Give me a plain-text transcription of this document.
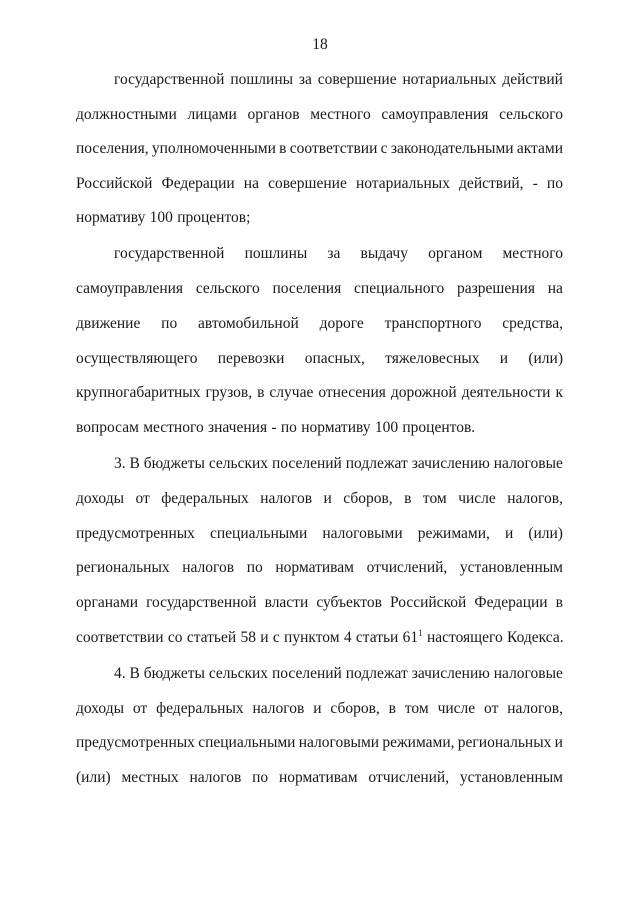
18
государственной пошлины за совершение нотариальных действий
должностными лицами органов местного самоуправления сельского
поселения, уполномоченными в соответствии с законодательными актами
Российской Федерации на совершение нотариальных действий, - по
нормативу 100 процентов;
государственной пошлины за выдачу органом местного
самоуправления сельского поселения специального разрешения на
движение по автомобильной дороге транспортного средства,
осуществляющего перевозки опасных, тяжеловесных и (или)
крупногабаритных грузов, в случае отнесения дорожной деятельности к
вопросам местного значения - по нормативу 100 процентов.
3. В бюджеты сельских поселений подлежат зачислению налоговые
доходы от федеральных налогов и сборов, в том числе налогов,
предусмотренных специальными налоговыми режимами, и (или)
региональных налогов по нормативам отчислений, установленным
органами государственной власти субъектов Российской Федерации в
соответствии со статьей 58 и с пунктом 4 статьи $61^1$ настоящего Кодекса.
4. В бюджеты сельских поселений подлежат зачислению налоговые
доходы от федеральных налогов и сборов, в том числе от налогов,
предусмотренных специальными налоговыми режимами, региональных и
(или) местных налогов по нормативам отчислений, установленным
